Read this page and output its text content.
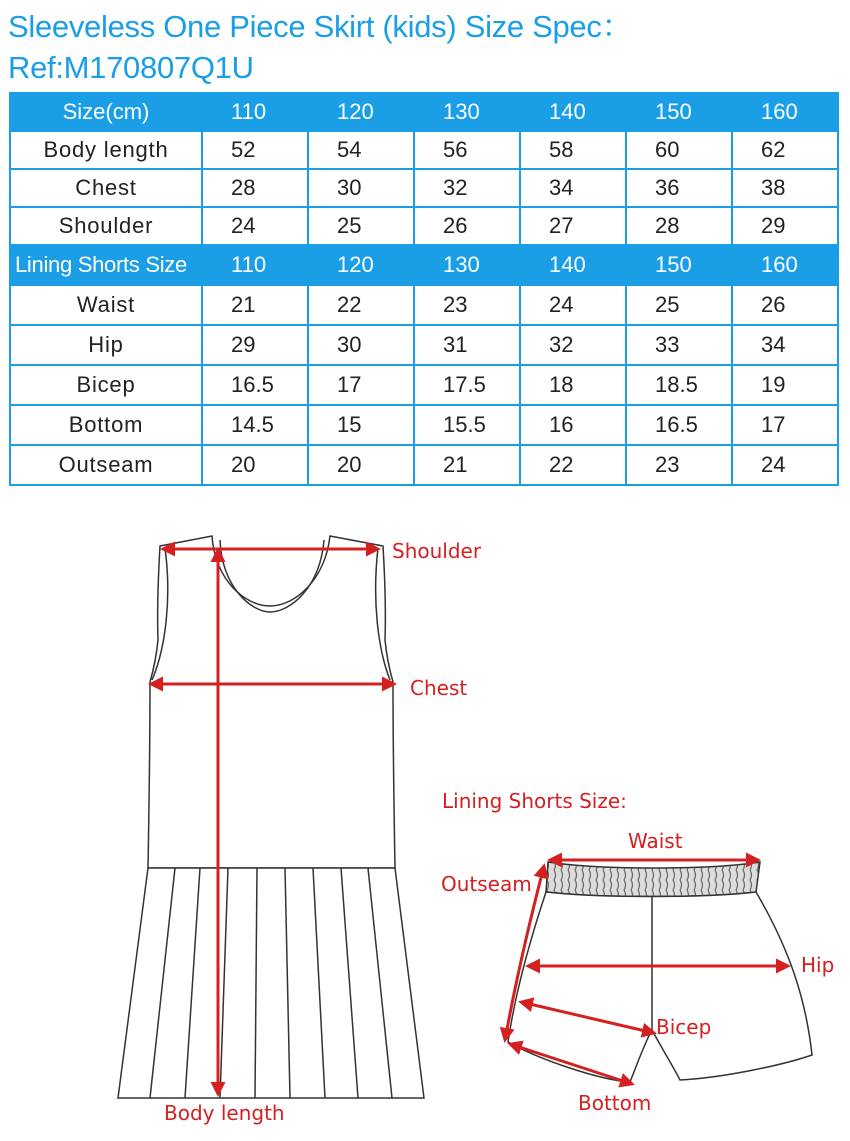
Sleeveless One Piece Skirt (kids) Size Spec：
Ref:M170807Q1U
Size(cm)	110	120	130	140	150	160
Body length	52	54	56	58	60	62
Chest	28	30	32	34	36	38
Shoulder	24	25	26	27	28	29
Lining Shorts Size	110	120	130	140	150	160
Waist	21	22	23	24	25	26
Hip	29	30	31	32	33	34
Bicep	16.5	17	17.5	18	18.5	19
Bottom	14.5	15	15.5	16	16.5	17
Outseam	20	20	21	22	23	24
Shoulder
Chest
Body length
Lining Shorts Size:
Waist
Outseam
Hip
Bicep
Bottom
